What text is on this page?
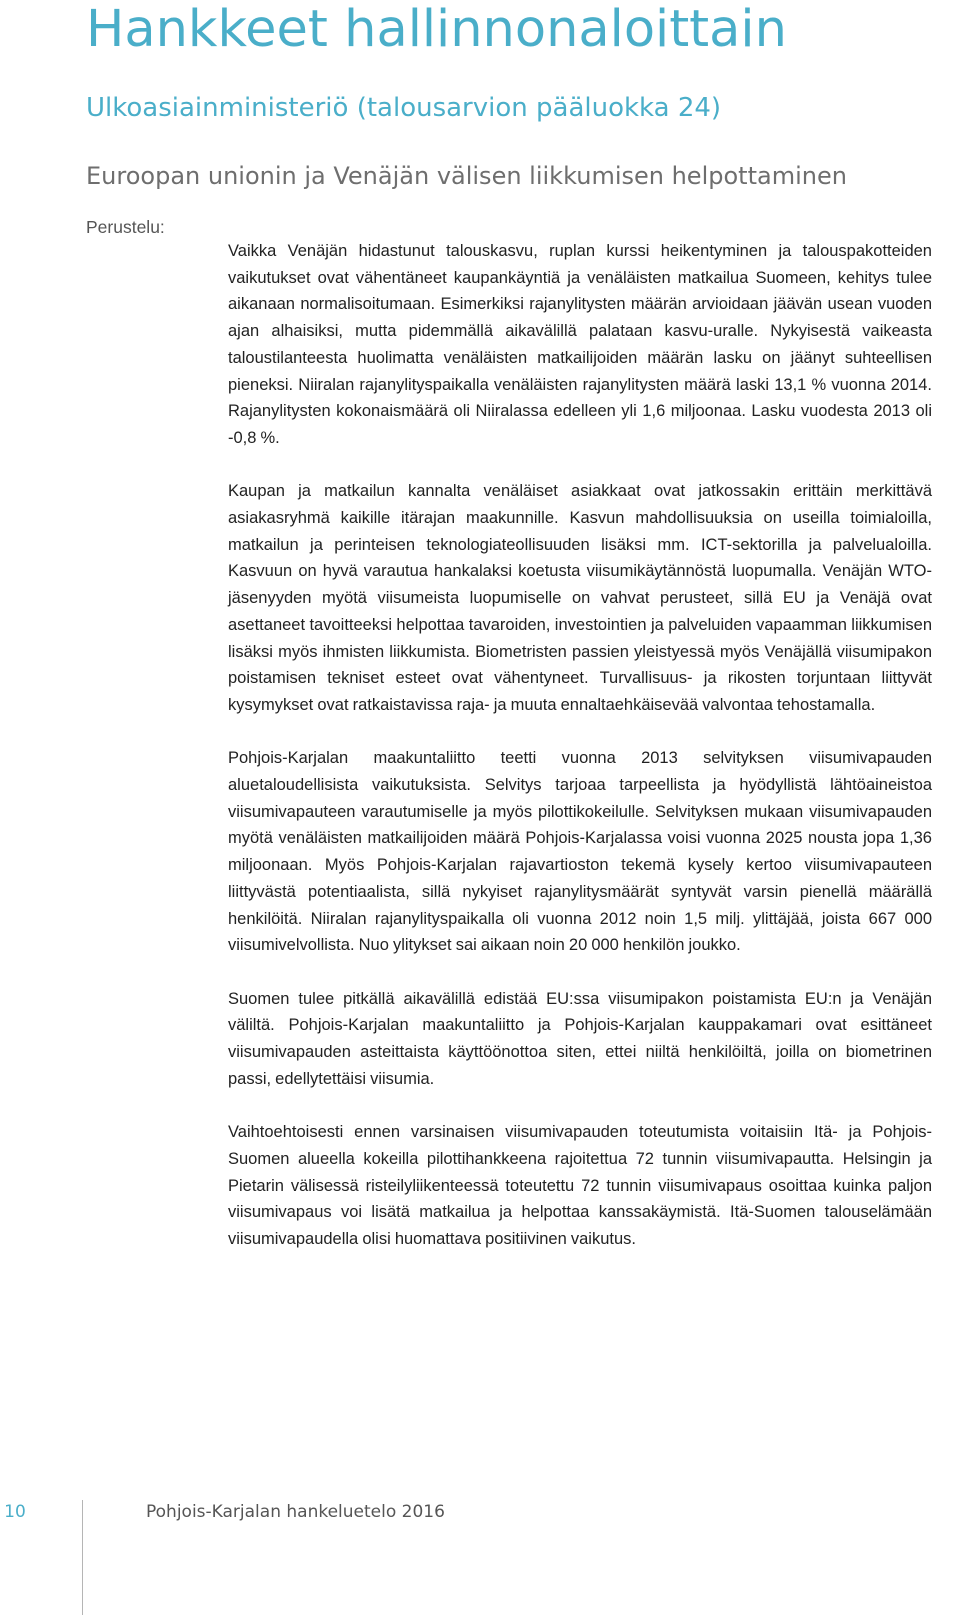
Hankkeet hallinnonaloittain
Ulkoasiainministeriö (talousarvion pääluokka 24)
Euroopan unionin ja Venäjän välisen liikkumisen helpottaminen
Perustelu:

Vaikka Venäjän hidastunut talouskasvu, ruplan kurssi heikentyminen ja talouspakotteiden vaikutukset ovat vähentäneet kaupankäyntiä ja venäläisten matkailua Suomeen, kehitys tulee aikanaan normalisoitumaan. Esimerkiksi rajanylitysten määrän arvioidaan jäävän usean vuoden ajan alhaisiksi, mutta pidemmällä aikavälillä palataan kasvu-uralle. Nykyisestä vaikeasta taloustilanteesta huolimatta venäläisten matkailijoiden määrän lasku on jäänyt suhteellisen pieneksi. Niiralan rajanylityspaikalla venäläisten rajanylitysten määrä laski 13,1 % vuonna 2014. Rajanylitysten kokonaismäärä oli Niiralassa edelleen yli 1,6 miljoonaa. Lasku vuodesta 2013 oli -0,8 %.

Kaupan ja matkailun kannalta venäläiset asiakkaat ovat jatkossakin erittäin merkittävä asiakasryhmä kaikille itärajan maakunnille. Kasvun mahdollisuuksia on useilla toimialoilla, matkailun ja perinteisen teknologiateollisuuden lisäksi mm. ICT-sektorilla ja palvelualoilla. Kasvuun on hyvä varautua hankalaksi koetusta viisumikäytännöstä luopumalla. Venäjän WTO-jäsenyyden myötä viisumeista luopumiselle on vahvat perusteet, sillä EU ja Venäjä ovat asettaneet tavoitteeksi helpottaa tavaroiden, investointien ja palveluiden vapaamman liikkumisen lisäksi myös ihmisten liikkumista. Biometristen passien yleistyessä myös Venäjällä viisumipakon poistamisen tekniset esteet ovat vähentyneet. Turvallisuus- ja rikosten torjuntaan liittyvät kysymykset ovat ratkaistavissa raja- ja muuta ennaltaehkäisevää valvontaa tehostamalla.

Pohjois-Karjalan maakuntaliitto teetti vuonna 2013 selvityksen viisumivapauden aluetaloudellisista vaikutuksista. Selvitys tarjoaa tarpeellista ja hyödyllistä lähtöaineistoa viisumivapauteen varautumiselle ja myös pilottikokeilulle. Selvityksen mukaan viisumivapauden myötä venäläisten matkailijoiden määrä Pohjois-Karjalassa voisi vuonna 2025 nousta jopa 1,36 miljoonaan. Myös Pohjois-Karjalan rajavartioston tekemä kysely kertoo viisumivapauteen liittyvästä potentiaalista, sillä nykyiset rajanylitysmäärät syntyvät varsin pienellä määrällä henkilöitä. Niiralan rajanylityspaikalla oli vuonna 2012 noin 1,5 milj. ylittäjää, joista 667 000 viisumivelvollista. Nuo ylitykset sai aikaan noin 20 000 henkilön joukko.

Suomen tulee pitkällä aikavälillä edistää EU:ssa viisumipakon poistamista EU:n ja Venäjän väliltä. Pohjois-Karjalan maakuntaliitto ja Pohjois-Karjalan kauppakamari ovat esittäneet viisumivapauden asteittaista käyttöönottoa siten, ettei niiltä henkilöiltä, joilla on biometrinen passi, edellytettäisi viisumia.

Vaihtoehtoisesti ennen varsinaisen viisumivapauden toteutumista voitaisiin Itä- ja Pohjois-Suomen alueella kokeilla pilottihankkeena rajoitettua 72 tunnin viisumivapautta. Helsingin ja Pietarin välisessä risteilyliikenteessä toteutettu 72 tunnin viisumivapaus osoittaa kuinka paljon viisumivapaus voi lisätä matkailua ja helpottaa kanssakäymistä. Itä-Suomen talouselämään viisumivapaudella olisi huomattava positiivinen vaikutus.

10	Pohjois-Karjalan hankeluetelo 2016
